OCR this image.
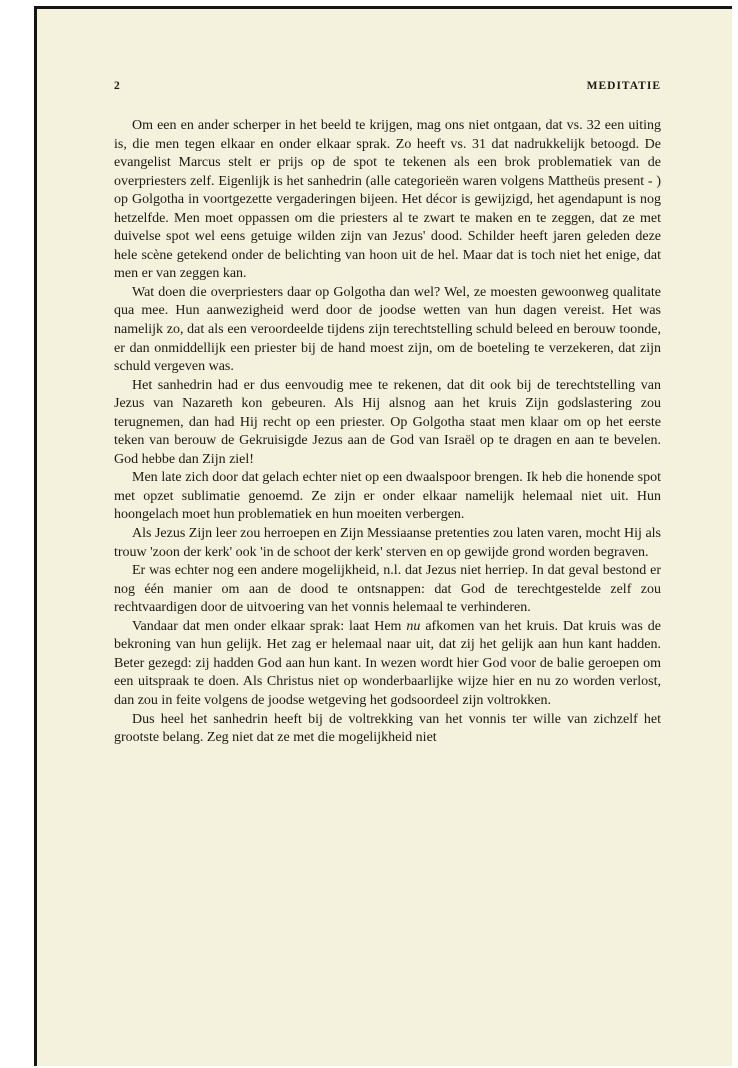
2	MEDITATIE

Om een en ander scherper in het beeld te krijgen, mag ons niet ontgaan, dat vs. 32 een uiting is, die men tegen elkaar en onder elkaar sprak. Zo heeft vs. 31 dat nadrukkelijk betoogd. De evangelist Marcus stelt er prijs op de spot te tekenen als een brok problematiek van de overpriesters zelf. Eigenlijk is het sanhedrin (alle categorieën waren volgens Mattheüs present - ) op Golgotha in voortgezette vergaderingen bijeen. Het décor is gewijzigd, het agendapunt is nog hetzelfde. Men moet oppassen om die priesters al te zwart te maken en te zeggen, dat ze met duivelse spot wel eens getuige wilden zijn van Jezus' dood. Schilder heeft jaren geleden deze hele scène getekend onder de belichting van hoon uit de hel. Maar dat is toch niet het enige, dat men er van zeggen kan.

Wat doen die overpriesters daar op Golgotha dan wel? Wel, ze moesten gewoonweg qualitate qua mee. Hun aanwezigheid werd door de joodse wetten van hun dagen vereist. Het was namelijk zo, dat als een veroordeelde tijdens zijn terechtstelling schuld beleed en berouw toonde, er dan onmiddellijk een priester bij de hand moest zijn, om de boeteling te verzekeren, dat zijn schuld vergeven was.

Het sanhedrin had er dus eenvoudig mee te rekenen, dat dit ook bij de terechtstelling van Jezus van Nazareth kon gebeuren. Als Hij alsnog aan het kruis Zijn godslastering zou terugnemen, dan had Hij recht op een priester. Op Golgotha staat men klaar om op het eerste teken van berouw de Gekruisigde Jezus aan de God van Israël op te dragen en aan te bevelen. God hebbe dan Zijn ziel!

Men late zich door dat gelach echter niet op een dwaalspoor brengen. Ik heb die honende spot met opzet sublimatie genoemd. Ze zijn er onder elkaar namelijk helemaal niet uit. Hun hoongelach moet hun problematiek en hun moeiten verbergen.

Als Jezus Zijn leer zou herroepen en Zijn Messiaanse pretenties zou laten varen, mocht Hij als trouw 'zoon der kerk' ook 'in de schoot der kerk' sterven en op gewijde grond worden begraven.

Er was echter nog een andere mogelijkheid, n.l. dat Jezus niet herriep. In dat geval bestond er nog één manier om aan de dood te ontsnappen: dat God de terechtgestelde zelf zou rechtvaardigen door de uitvoering van het vonnis helemaal te verhinderen.

Vandaar dat men onder elkaar sprak: laat Hem nu afkomen van het kruis. Dat kruis was de bekroning van hun gelijk. Het zag er helemaal naar uit, dat zij het gelijk aan hun kant hadden. Beter gezegd: zij hadden God aan hun kant. In wezen wordt hier God voor de balie geroepen om een uitspraak te doen. Als Christus niet op wonderbaarlijke wijze hier en nu zo worden verlost, dan zou in feite volgens de joodse wetgeving het godsoordeel zijn voltrokken.

Dus heel het sanhedrin heeft bij de voltrekking van het vonnis ter wille van zichzelf het grootste belang. Zeg niet dat ze met die mogelijkheid niet
